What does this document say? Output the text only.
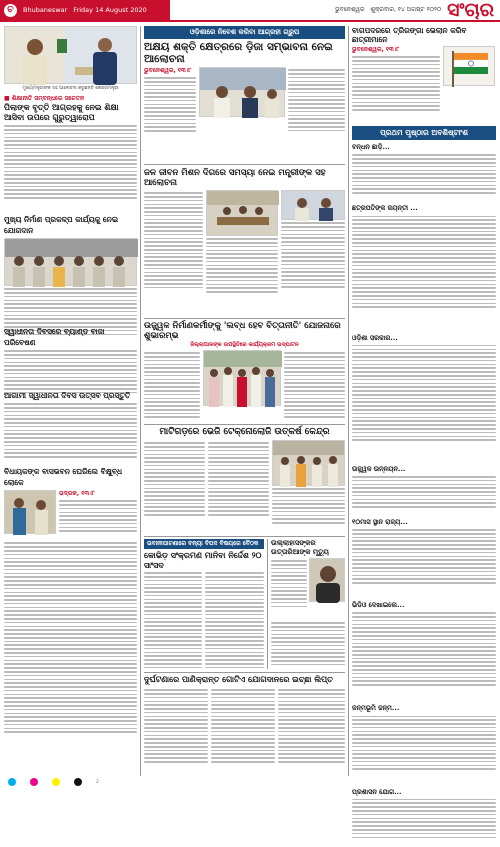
ଚ	Bhubaneswar Friday 14 August 2020	ଭୁବନେଶ୍ୱର ଶୁକ୍ରବାର, ୧୪ ଅଗଷ୍ଟ ୨୦୨୦ ସଂଚାର
ମୁଖ୍ୟମନ୍ତ୍ରୀଙ୍କ ସହ ଆଲୋଚନା କରୁଛନ୍ତି କେନ୍ଦ୍ରମନ୍ତ୍ରୀ
■ ଶିକ୍ଷାନୀତି ସମ୍ବନ୍ଧରେ ସଚେତନ
ପିଲାଙ୍କ ବୃତ୍ତି ଆଗ୍ରହକୁ ନେଇ ଶିକ୍ଷା ଆସିବା ଉପରେ ଗୁରୁତ୍ୱାରୋପ
ମୁଖ୍ୟ ନିର୍ମାଣ ପ୍ରକଳ୍ପ କାର୍ଯ୍ୟକୁ ନେଇ ଯୋଗଦାନ
ସ୍ୱାଧୀନତା ଦିବସରେ ବ୍ୟାଣ୍ଡ ବାଜା ପରିବେଷଣ
ଆଗାମୀ ସ୍ୱାଧୀନତା ଦିବସ ଉତ୍ସବ ପ୍ରସ୍ତୁତି
ବିଧାୟକଙ୍କ ବାସଭବନ ଘେରିଲେ ବିକ୍ଷୁବ୍ଧ ଲୋକେ
ଭଦ୍ରକ, ୧୩।୮
ଓଡ଼ିଶାରେ ନିବେଶ କରିବା ଆଗ୍ରହୀ ଗ୍ରୁପ
ଅକ୍ଷୟ ଶକ୍ତି କ୍ଷେତ୍ରରେ ଡ଼ିଜା ସମ୍ଭାବନା ନେଇ ଆଲୋଚନା
ଭୁବନେଶ୍ୱର, ୧୩।୮
ଜଳ ଜୀବନ ମିଶନ ଦିଗରେ ସମସ୍ୟା ନେଇ ମନ୍ତ୍ରୀଙ୍କ ସହ ଆଲୋଚନା
ଉଜ୍ଜ୍ୱଳ ନିର୍ମାଣକର୍ମୀଙ୍କୁ 'ଲବ୍ଧ ହେବ ବିତ୍ତାନୀତି' ଯୋଜନାରେ ଶୁଭାରମ୍ଭ
ଜିଲ୍ଲାପାଳଙ୍କ ଉପସ୍ଥିତିରେ କାର୍ଯ୍ୟକ୍ରମ ଉଦ୍‌ଘାଟନ
ମାଟିଗଡ଼ରେ ଭେଜି ଟେକ୍ନୋଲୋଜି ଉତ୍କର୍ଷ କେନ୍ଦ୍ର
ଭବାନୀପାଟଣାରେ ବନ୍ୟା ବିପଦ ବିଷୟରେ ବୈଠକ
କୋଭିଡ଼ ସଂକ୍ରମଣ ମାନିବା ନିର୍ଦ୍ଦେଶ ୨୦ ସାଂସଦ
ଉଲ୍ଲାହାସଙ୍କର ଉତ୍ତାରିଆଙ୍କ ମୃତ୍ୟୁ
ଦୁର୍ଘଟଣାରେ ପାଣିକ୍ରାନ୍ତ ଗୋଟିଏ ଯୋଗଦାନରେ ଇଚ୍ଛା ଲିପ୍ତ
ବାଗପଦରରେ ତ୍ରିରଙ୍ଗା ଭେଲାନ କରିବ ଛାତ୍ରୀମାନେ
ଭୁବନେଶ୍ୱର, ୧୩।୮
ପ୍ରଥମ ପୃଷ୍ଠାର ଅବଶିଷ୍ଟାଂଶ
ବନ୍ଧନ ଛାଡ଼ି...
ଛତ୍ରପତିଙ୍କ ଜୟନ୍ତୀ ...
ଓଡ଼ିଶା ସରକାର...
ଉଜ୍ଜ୍ୱଳ ଉନ୍ନୟନ...
୧୦ମାସ ସ୍ଥାନ ରାଜ୍ୟ...
ଭିଡିଓ ଦେଖାଇଲେ...
ଜନ୍ମଭୂମି ଜନ୍ମ...
ପ୍ରଶାସନ ଯୋଗ...
2
